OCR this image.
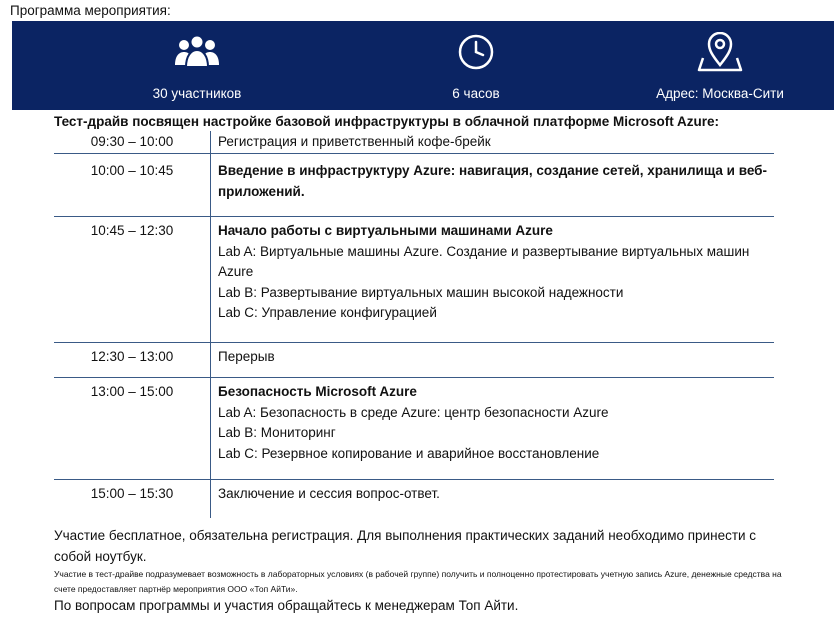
Программа мероприятия:
30 участников	6 часов	Адрес: Москва-Сити
Тест-драйв посвящен настройке базовой инфраструктуры в облачной платформе Microsoft Azure:
09:30 – 10:00	Регистрация и приветственный кофе-брейк
10:00 – 10:45	Введение в инфраструктуру Azure: навигация, создание сетей, хранилища и веб-приложений.
10:45 – 12:30	Начало работы с виртуальными машинами Azure
Lab A: Виртуальные машины Azure. Создание и развертывание виртуальных машин Azure
Lab B: Развертывание виртуальных машин высокой надежности
Lab C: Управление конфигурацией

12:30 – 13:00	Перерыв
13:00 – 15:00	Безопасность Microsoft Azure
Lab A: Безопасность в среде Azure: центр безопасности Azure
Lab B: Мониторинг
Lab C: Резервное копирование и аварийное восстановление

15:00 – 15:30	Заключение и сессия вопрос-ответ.
Участие бесплатное, обязательна регистрация. Для выполнения практических заданий необходимо принести с собой ноутбук.
Участие в тест-драйве подразумевает возможность в лабораторных условиях (в рабочей группе) получить и полноценно протестировать учетную запись Azure, денежные средства на счете предоставляет партнёр мероприятия ООО «Топ АйТи».
По вопросам программы и участия обращайтесь к менеджерам Топ Айти.
